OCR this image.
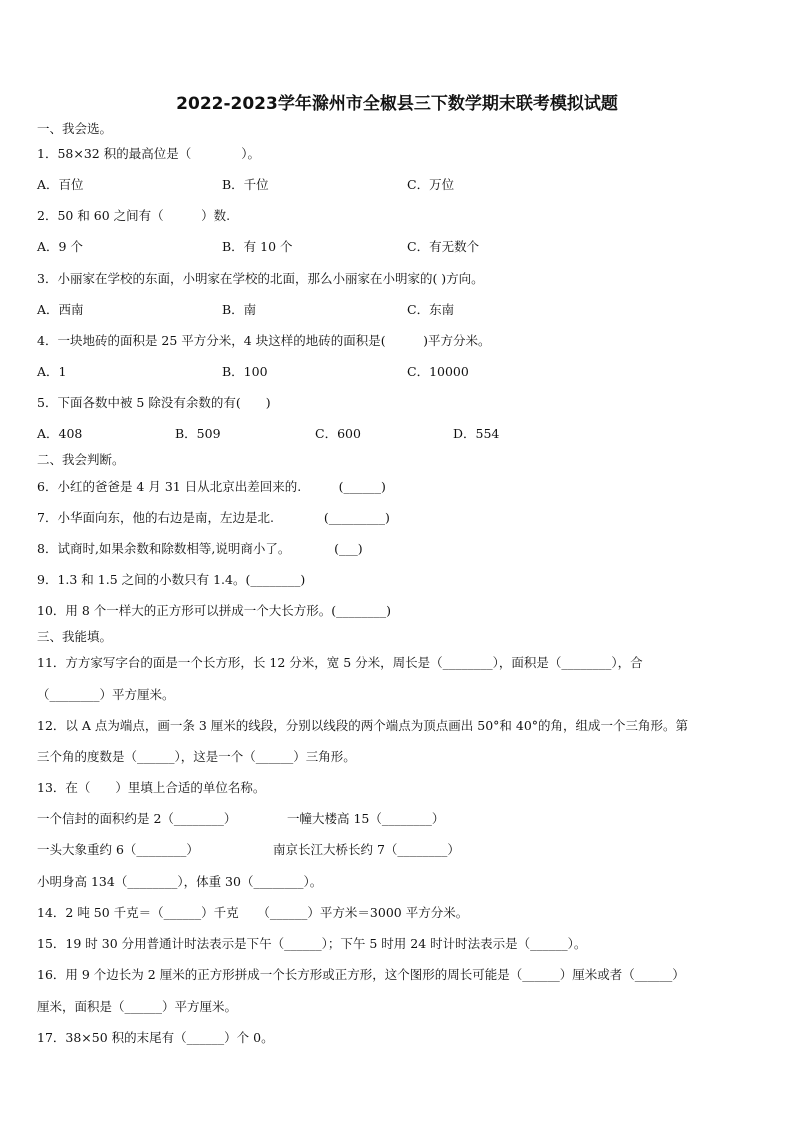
2022-2023学年滁州市全椒县三下数学期末联考模拟试题
一、我会选。
1．58×32 积的最高位是（　　　　）。
A．百位	B．千位	C．万位
2．50 和 60 之间有（　　　）数.
A．9 个	B．有 10 个	C．有无数个
3．小丽家在学校的东面，小明家在学校的北面，那么小丽家在小明家的( )方向。
A．西南	B．南	C．东南
4．一块地砖的面积是 25 平方分米，4 块这样的地砖的面积是(　　　)平方分米。
A．1	B．100	C．10000
5．下面各数中被 5 除没有余数的有(　　)
A．408	B．509	C．600	D．554
二、我会判断。
6．小红的爸爸是 4 月 31 日从北京出差回来的.　　　(______)
7．小华面向东，他的右边是南，左边是北.　　　　(_________)
8．试商时,如果余数和除数相等,说明商小了。　　　　(___)
9．1.3 和 1.5 之间的小数只有 1.4。(________)
10．用 8 个一样大的正方形可以拼成一个大长方形。(________)
三、我能填。
11．方方家写字台的面是一个长方形，长 12 分米，宽 5 分米，周长是（________），面积是（________），合
（________）平方厘米。
12．以 A 点为端点，画一条 3 厘米的线段，分别以线段的两个端点为顶点画出 50°和 40°的角，组成一个三角形。第
三个角的度数是（______），这是一个（______）三角形。
13．在（　　）里填上合适的单位名称。
一个信封的面积约是 2（________）	一幢大楼高 15（________）
一头大象重约 6（________）	南京长江大桥长约 7（________）
小明身高 134（________），体重 30（________）。
14．2 吨 50 千克＝（______）千克　　（______）平方米＝3000 平方分米。
15．19 时 30 分用普通计时法表示是下午（______）；下午 5 时用 24 时计时法表示是（______）。
16．用 9 个边长为 2 厘米的正方形拼成一个长方形或正方形，这个图形的周长可能是（______）厘米或者（______）
厘米，面积是（______）平方厘米。
17．38×50 积的末尾有（______）个 0。
